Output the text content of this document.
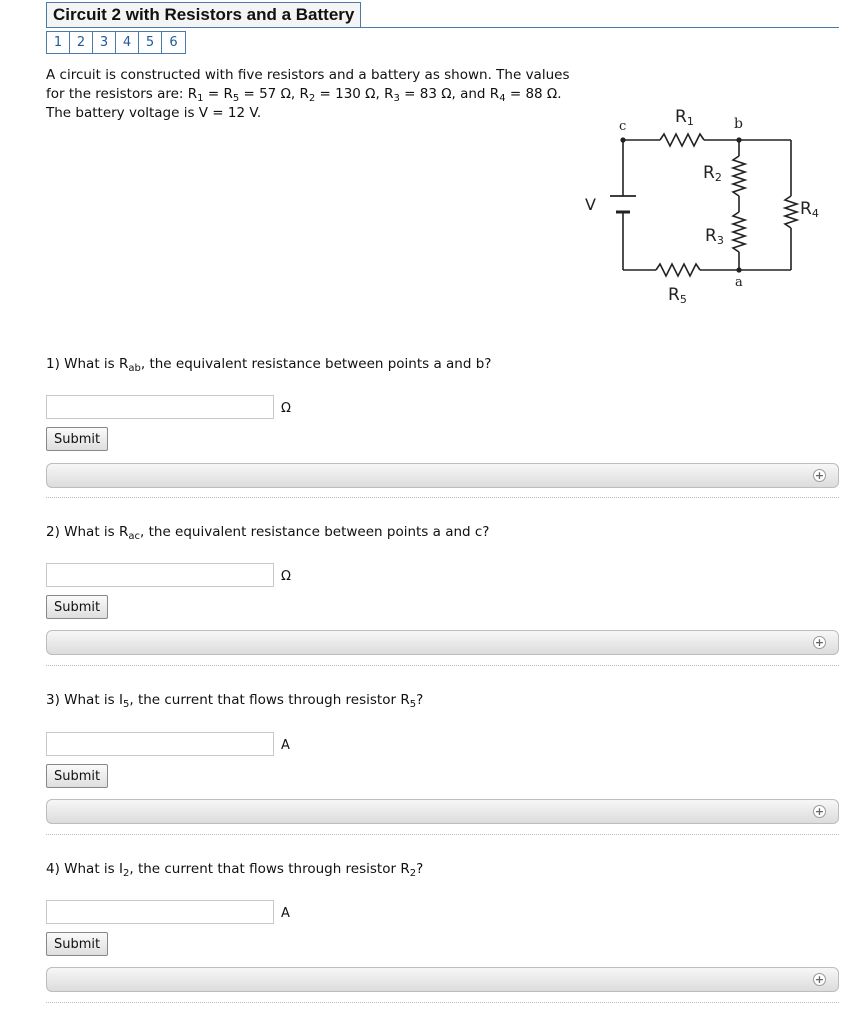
Circuit 2 with Resistors and a Battery
1	2	3	4	5	6

A circuit is constructed with five resistors and a battery as shown. The values for the resistors are: $R_1 = R_5 = 57$ Ω, $R_2 = 130$ Ω, $R_3 = 83$ Ω, and $R_4 = 88$ Ω. The battery voltage is V = 12 V.

c	b
a
V
R1
R2
R3
R4
R5
1) What is $R_{ab}$, the equivalent resistance between points a and b?
Ω
Submit
+
2) What is $R_{ac}$, the equivalent resistance between points a and c?
Ω
Submit
+
3) What is $I_5$, the current that flows through resistor $R_5$?
A
Submit
+
4) What is $I_2$, the current that flows through resistor $R_2$?
A
Submit
+
